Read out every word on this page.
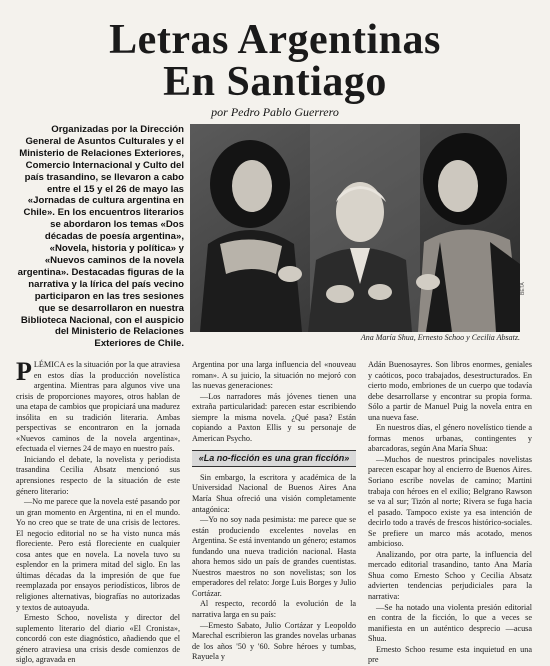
Letras Argentinas
En Santiago
por Pedro Pablo Guerrero
Organizadas por la Dirección General de Asuntos Culturales y el Ministerio de Relaciones Exteriores, Comercio Internacional y Culto del país trasandino, se llevaron a cabo entre el 15 y el 26 de mayo las «Jornadas de cultura argentina en Chile». En los encuentros literarios se abordaron los temas «Dos décadas de poesía argentina», «Novela, historia y política» y «Nuevos caminos de la novela argentina». Destacadas figuras de la narrativa y la lírica del país vecino participaron en las tres sesiones que se desarrollaron en nuestra Biblioteca Nacional, con el auspicio del Ministerio de Relaciones Exteriores de Chile.
BETA
Ana María Shua, Ernesto Schoo y Cecilia Absatz.

PLÉMICA es la situación por la que atraviesa en estos días la producción novelística argentina. Mientras para algunos vive una crisis de proporciones mayores, otros hablan de una etapa de cambios que propiciará una madurez insólita en su tradición literaria. Ambas perspectivas se encontraron en la jornada «Nuevos caminos de la novela argentina», efectuada el viernes 24 de mayo en nuestro país.

Iniciando el debate, la novelista y periodista trasandina Cecilia Absatz mencionó sus aprensiones respecto de la situación de este género literario:

—No me parece que la novela esté pasando por un gran momento en Argentina, ni en el mundo. Yo no creo que se trate de una crisis de lectores. El negocio editorial no se ha visto nunca más floreciente. Pero está floreciente en cualquier cosa antes que en novela. La novela tuvo su esplendor en la primera mitad del siglo. En las últimas décadas da la impresión de que fue reemplazada por ensayos periodísticos, libros de religiones alternativas, biografías no autorizadas y textos de autoayuda.

Ernesto Schoo, novelista y director del suplemento literario del diario «El Cronista», concordó con este diagnóstico, añadiendo que el género atraviesa una crisis desde comienzos de siglo, agravada en

Argentina por una larga influencia del «nouveau roman». A su juicio, la situación no mejoró con las nuevas generaciones:

—Los narradores más jóvenes tienen una extraña particularidad: parecen estar escribiendo siempre la misma novela. ¿Qué pasa? Están copiando a Paxton Ellis y su personaje de American Psycho.

«La no-ficción es una gran ficción»

Sin embargo, la escritora y académica de la Universidad Nacional de Buenos Aires Ana María Shua ofreció una visión completamente antagónica:

—Yo no soy nada pesimista: me parece que se están produciendo excelentes novelas en Argentina. Se está inventando un género; estamos fundando una nueva tradición nacional. Hasta ahora hemos sido un país de grandes cuentistas. Nuestros maestros no son novelistas; son los emperadores del relato: Jorge Luis Borges y Julio Cortázar.

Al respecto, recordó la evolución de la narrativa larga en su país:

—Ernesto Sabato, Julio Cortázar y Leopoldo Marechal escribieron las grandes novelas urbanas de los años '50 y '60. Sobre héroes y tumbas, Rayuela y

Adán Buenosayres. Son libros enormes, geniales y caóticos, poco trabajados, desestructurados. En cierto modo, embriones de un cuerpo que todavía debe desarrollarse y encontrar su propia forma. Sólo a partir de Manuel Puig la novela entra en una nueva fase.

En nuestros días, el género novelístico tiende a formas menos urbanas, contingentes y abarcadoras, según Ana María Shua:

—Muchos de nuestros principales novelistas parecen escapar hoy al encierro de Buenos Aires. Soriano escribe novelas de camino; Martini trabaja con héroes en el exilio; Belgrano Rawson se va al sur; Tizón al norte; Rivera se fuga hacia el pasado. Tampoco existe ya esa intención de decirlo todo a través de frescos histórico-sociales. Se prefiere un marco más acotado, menos ambicioso.

Analizando, por otra parte, la influencia del mercado editorial trasandino, tanto Ana María Shua como Ernesto Schoo y Cecilia Absatz advierten tendencias perjudiciales para la narrativa:

—Se ha notado una violenta presión editorial en contra de la ficción, lo que a veces se manifiesta en un auténtico desprecio —acusa Shua.

Ernesto Schoo resume esta inquietud en una pre
